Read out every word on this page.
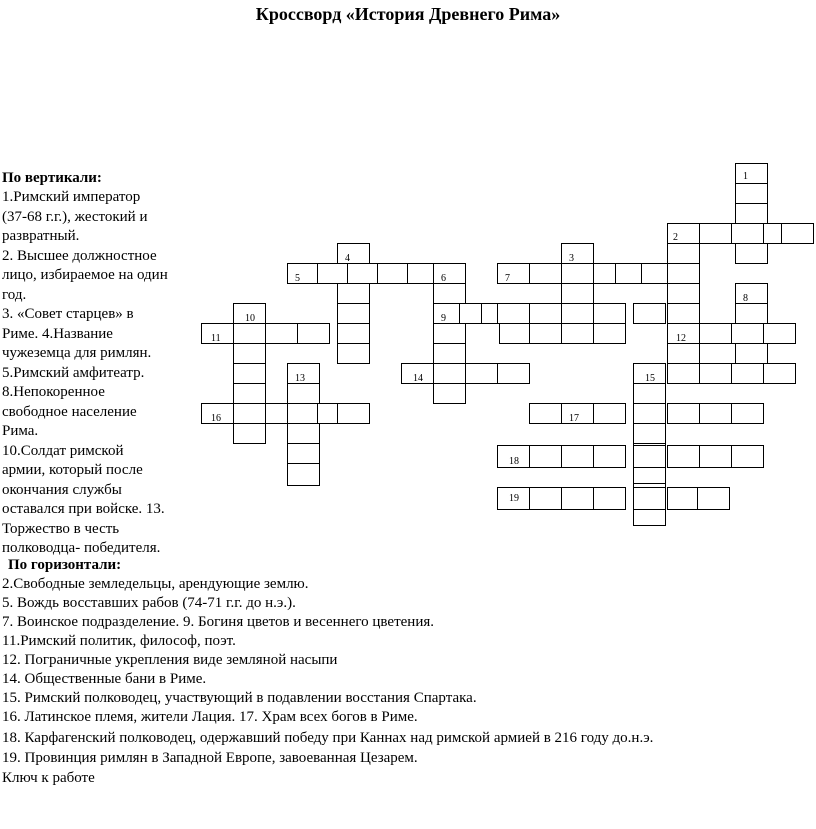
Кроссворд «История Древнего Рима»
По вертикали:
1.Римский император
(37-68 г.г.), жестокий и
развратный.
2. Высшее должностное
лицо, избираемое на один
год.
3. «Совет старцев» в
Риме. 4.Название
чужеземца для римлян.
5.Римский амфитеатр.
8.Непокоренное
свободное население
Рима.
10.Солдат римской
армии, который после
окончания службы
оставался при войске. 13.
Торжество в честь
полководца- победителя.
По горизонтали:
2.Свободные земледельцы, арендующие землю.
5. Вождь восставших рабов (74-71 г.г. до н.э.).
7. Воинское подразделение. 9. Богиня цветов и весеннего цветения.
11.Римский политик, философ, поэт.
12. Пограничные укрепления виде земляной насыпи
14. Общественные бани в Риме.
15. Римский полководец, участвующий в подавлении восстания Спартака.
16. Латинское племя, жители Лация. 17. Храм всех богов в Риме.
18. Карфагенский полководец, одержавший победу при Каннах над римской армией в 216 году до.н.э.
19. Провинция римлян в Западной Европе, завоеванная Цезарем.
Ключ к работе
1
2
3
4
5	6	7
8
9
10
11	12
13	14	15
16	17
18
19
